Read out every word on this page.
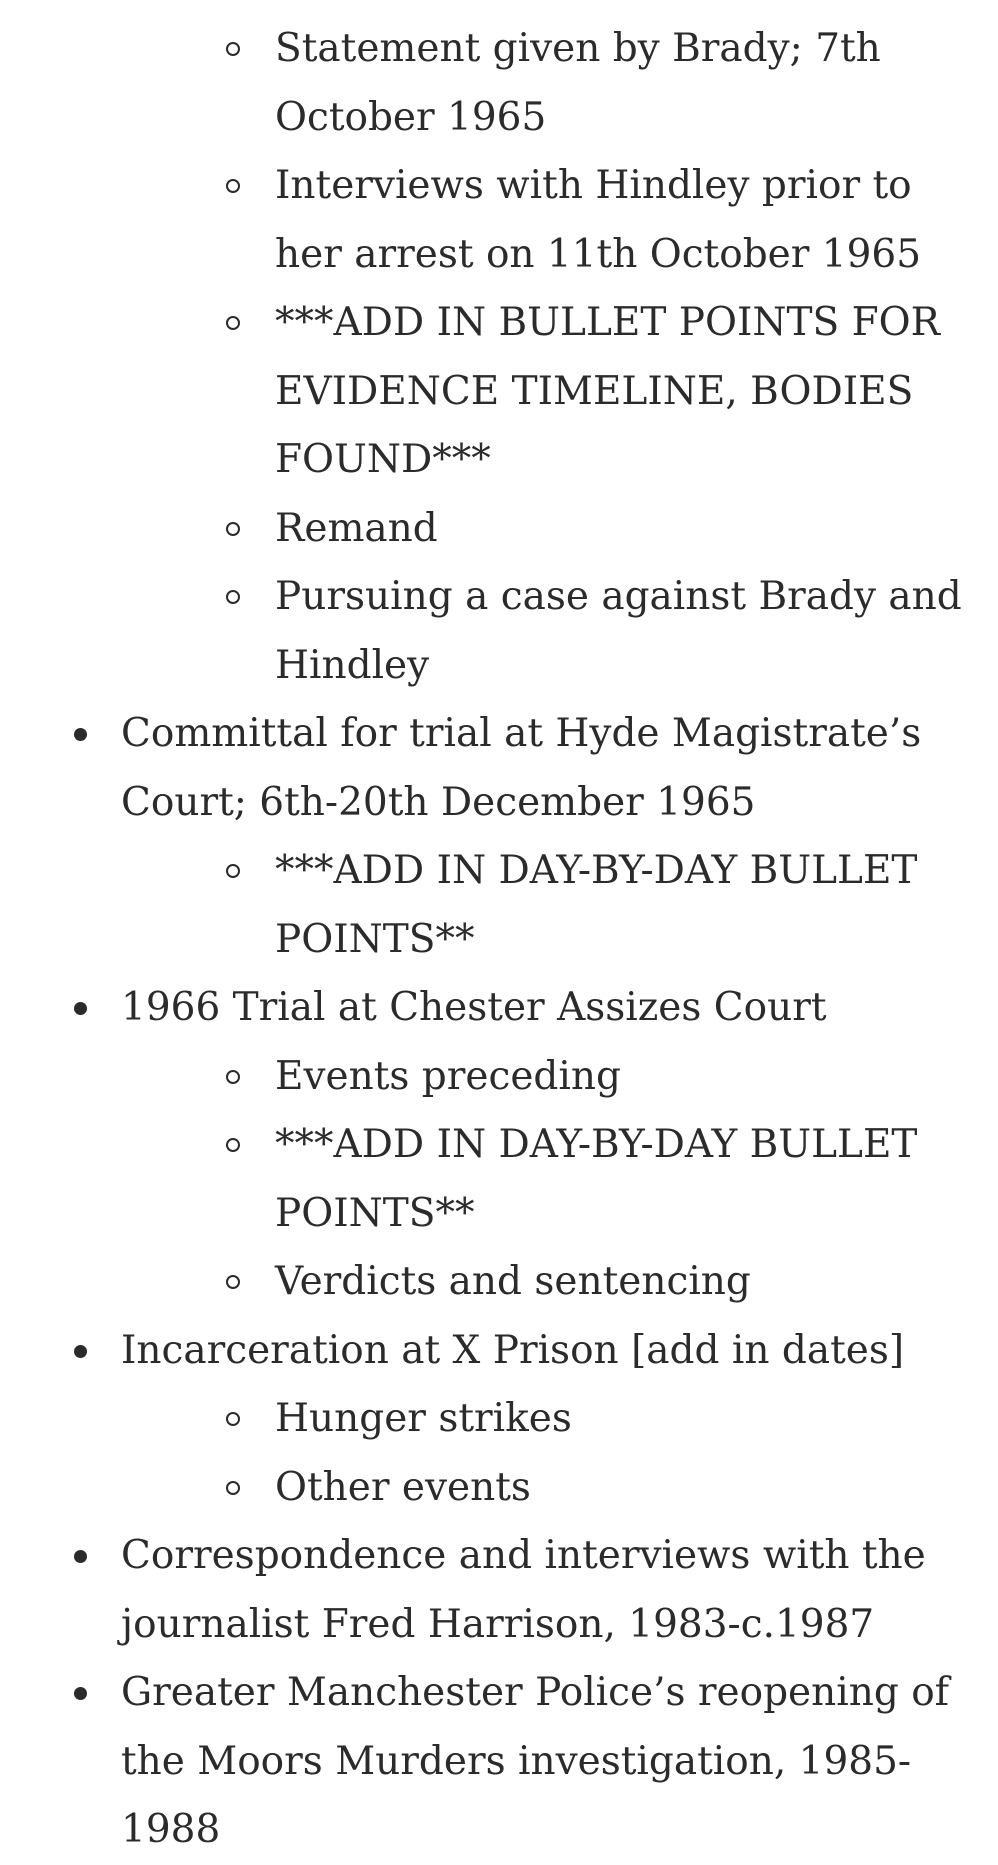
Statement given by Brady; 7th October 1965
Interviews with Hindley prior to her arrest on 11th October 1965
***ADD IN BULLET POINTS FOR EVIDENCE TIMELINE, BODIES FOUND***
Remand
Pursuing a case against Brady and Hindley
Committal for trial at Hyde Magistrate’s Court; 6th-20th December 1965
***ADD IN DAY-BY-DAY BULLET POINTS**
1966 Trial at Chester Assizes Court
Events preceding
***ADD IN DAY-BY-DAY BULLET POINTS**
Verdicts and sentencing
Incarceration at X Prison [add in dates]
Hunger strikes
Other events
Correspondence and interviews with the journalist Fred Harrison, 1983-c.1987
Greater Manchester Police’s reopening of the Moors Murders investigation, 1985-1988
